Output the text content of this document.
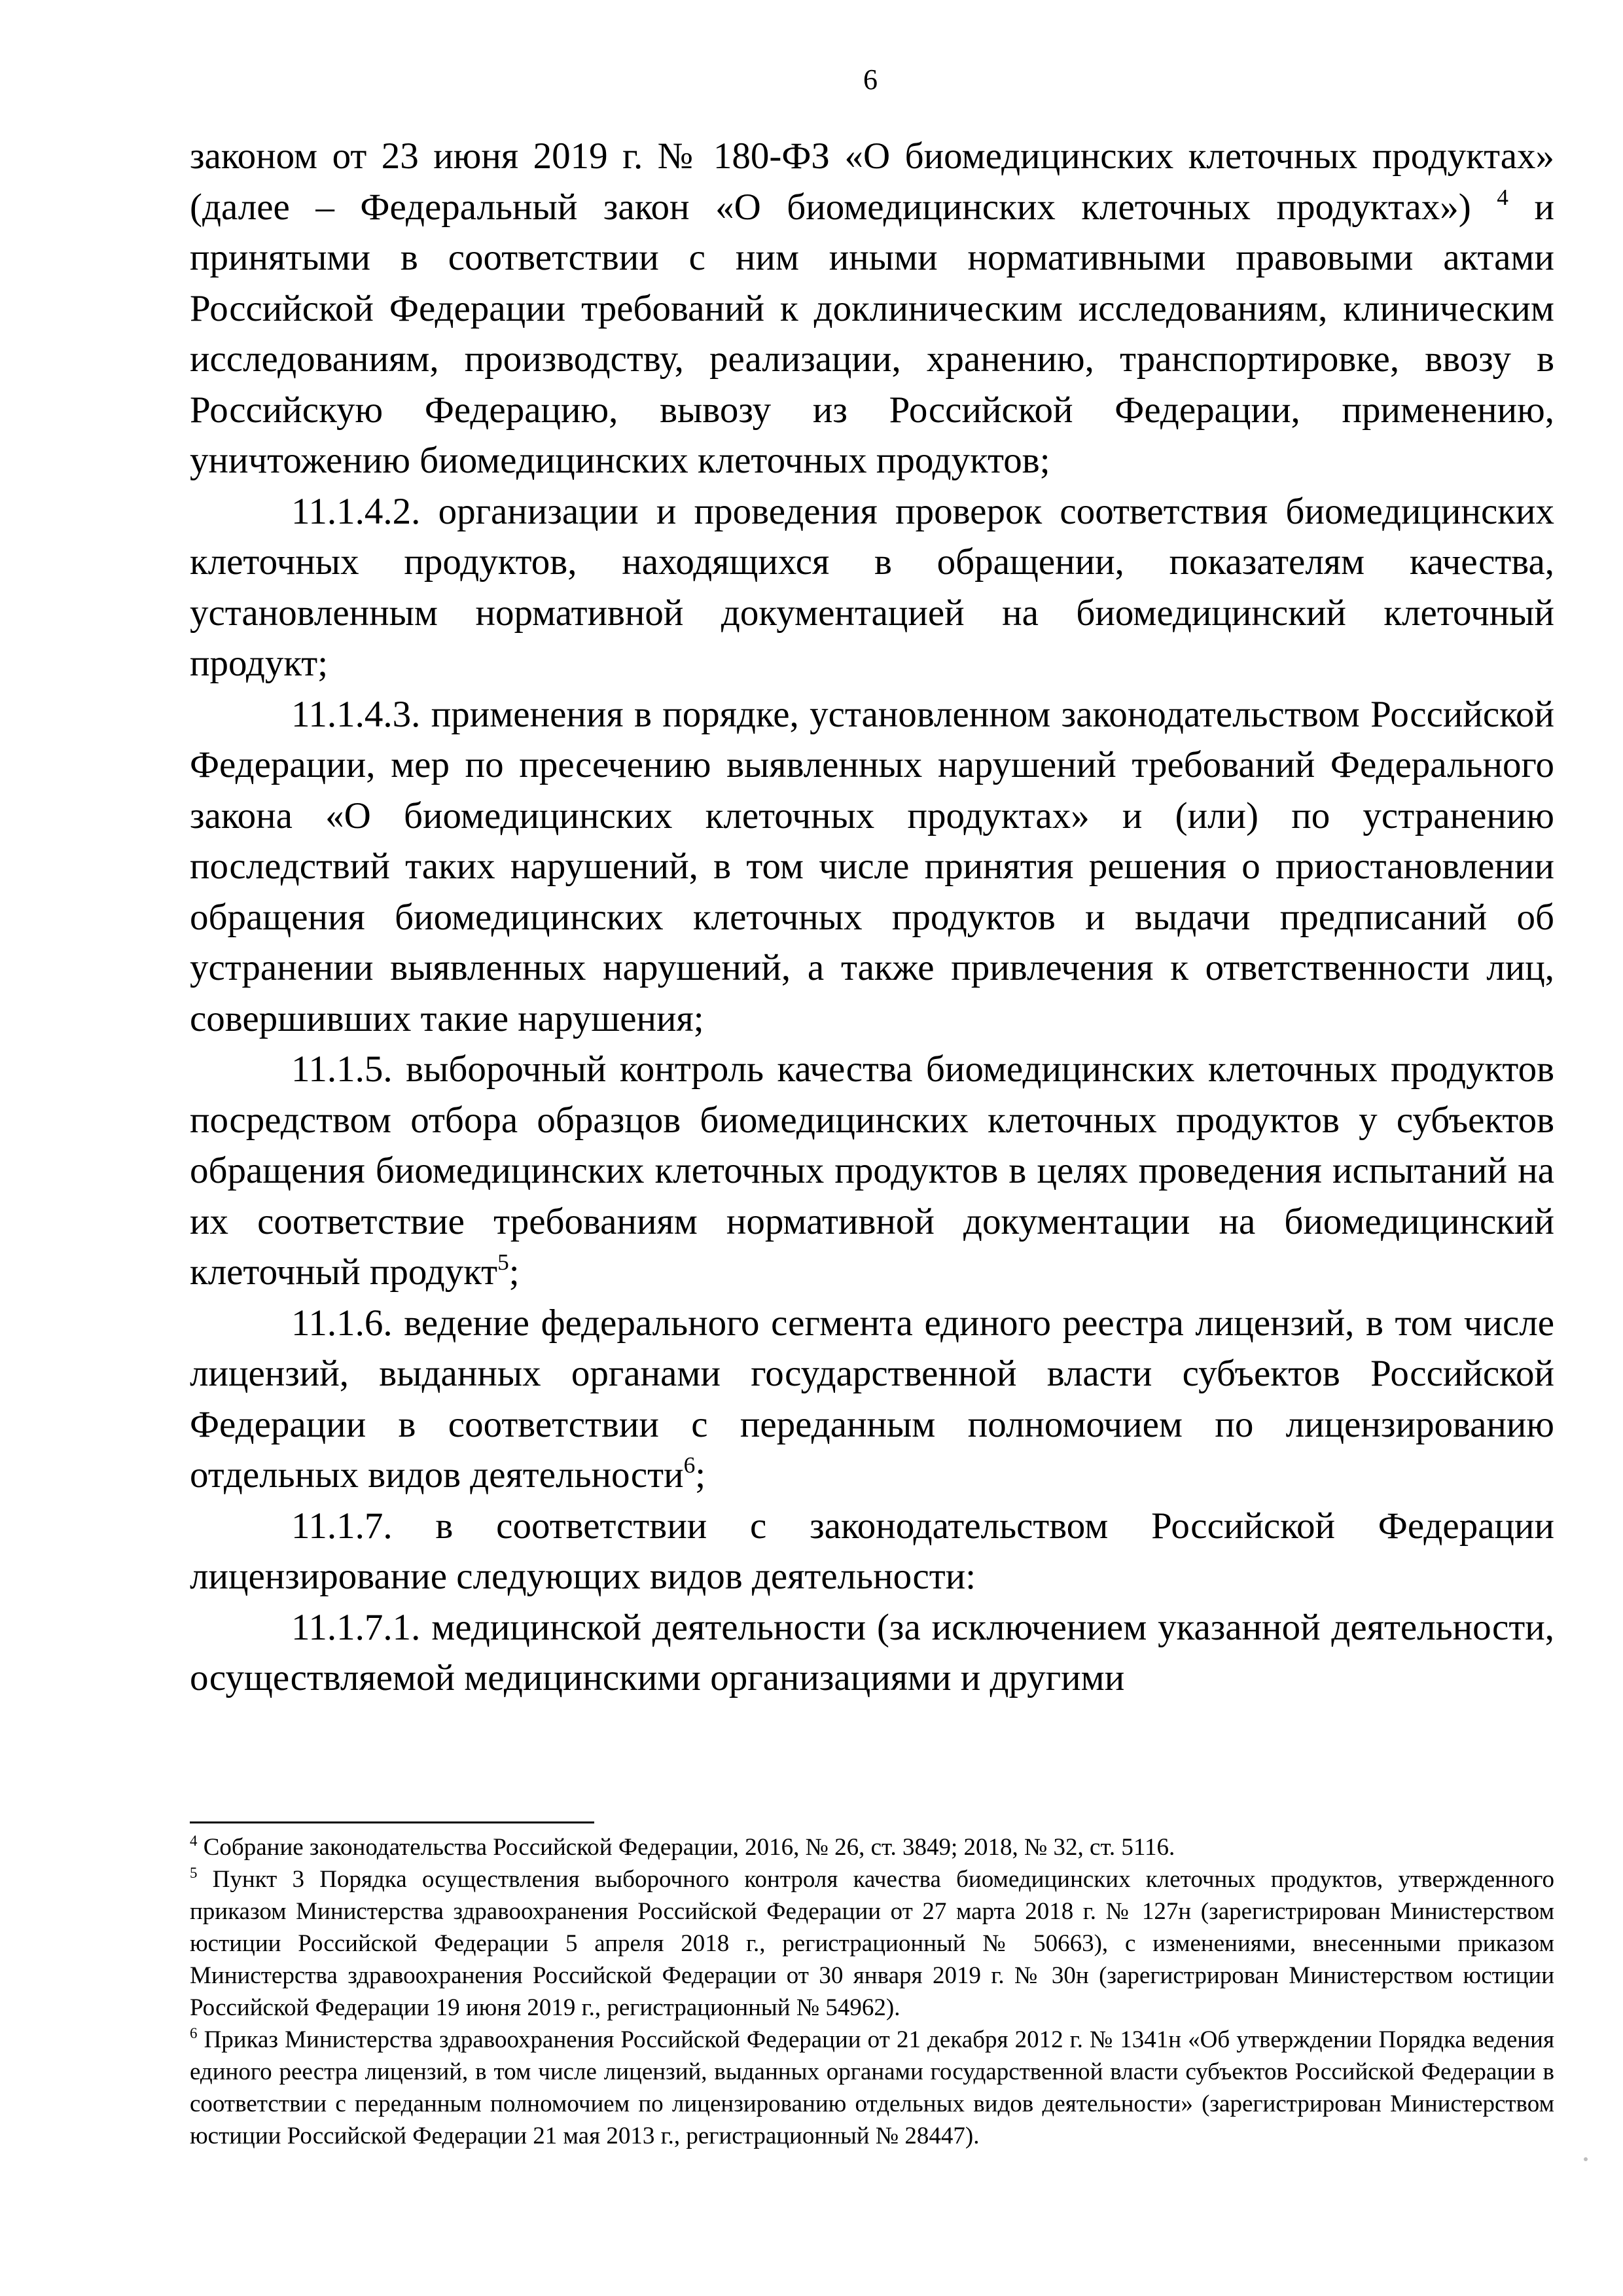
6

законом от 23 июня 2019 г. № 180-ФЗ «О биомедицинских клеточных продуктах» (далее – Федеральный закон «О биомедицинских клеточных продуктах») $^4$ и принятыми в соответствии с ним иными нормативными правовыми актами Российской Федерации требований к доклиническим исследованиям, клиническим исследованиям, производству, реализации, хранению, транспортировке, ввозу в Российскую Федерацию, вывозу из Российской Федерации, применению, уничтожению биомедицинских клеточных продуктов;

11.1.4.2. организации и проведения проверок соответствия биомедицинских клеточных продуктов, находящихся в обращении, показателям качества, установленным нормативной документацией на биомедицинский клеточный продукт;

11.1.4.3. применения в порядке, установленном законодательством Российской Федерации, мер по пресечению выявленных нарушений требований Федерального закона «О биомедицинских клеточных продуктах» и (или) по устранению последствий таких нарушений, в том числе принятия решения о приостановлении обращения биомедицинских клеточных продуктов и выдачи предписаний об устранении выявленных нарушений, а также привлечения к ответственности лиц, совершивших такие нарушения;

11.1.5. выборочный контроль качества биомедицинских клеточных продуктов посредством отбора образцов биомедицинских клеточных продуктов у субъектов обращения биомедицинских клеточных продуктов в целях проведения испытаний на их соответствие требованиям нормативной документации на биомедицинский клеточный продукт$^5$;

11.1.6. ведение федерального сегмента единого реестра лицензий, в том числе лицензий, выданных органами государственной власти субъектов Российской Федерации в соответствии с переданным полномочием по лицензированию отдельных видов деятельности$^6$;

11.1.7. в соответствии с законодательством Российской Федерации лицензирование следующих видов деятельности:

11.1.7.1. медицинской деятельности (за исключением указанной деятельности, осуществляемой медицинскими организациями и другими

$^4$ Собрание законодательства Российской Федерации, 2016, № 26, ст. 3849; 2018, № 32, ст. 5116.

$^5$ Пункт 3 Порядка осуществления выборочного контроля качества биомедицинских клеточных продуктов, утвержденного приказом Министерства здравоохранения Российской Федерации от 27 марта 2018 г. № 127н (зарегистрирован Министерством юстиции Российской Федерации 5 апреля 2018 г., регистрационный № 50663), с изменениями, внесенными приказом Министерства здравоохранения Российской Федерации от 30 января 2019 г. № 30н (зарегистрирован Министерством юстиции Российской Федерации 19 июня 2019 г., регистрационный № 54962).

$^6$ Приказ Министерства здравоохранения Российской Федерации от 21 декабря 2012 г. № 1341н «Об утверждении Порядка ведения единого реестра лицензий, в том числе лицензий, выданных органами государственной власти субъектов Российской Федерации в соответствии с переданным полномочием по лицензированию отдельных видов деятельности» (зарегистрирован Министерством юстиции Российской Федерации 21 мая 2013 г., регистрационный № 28447).
